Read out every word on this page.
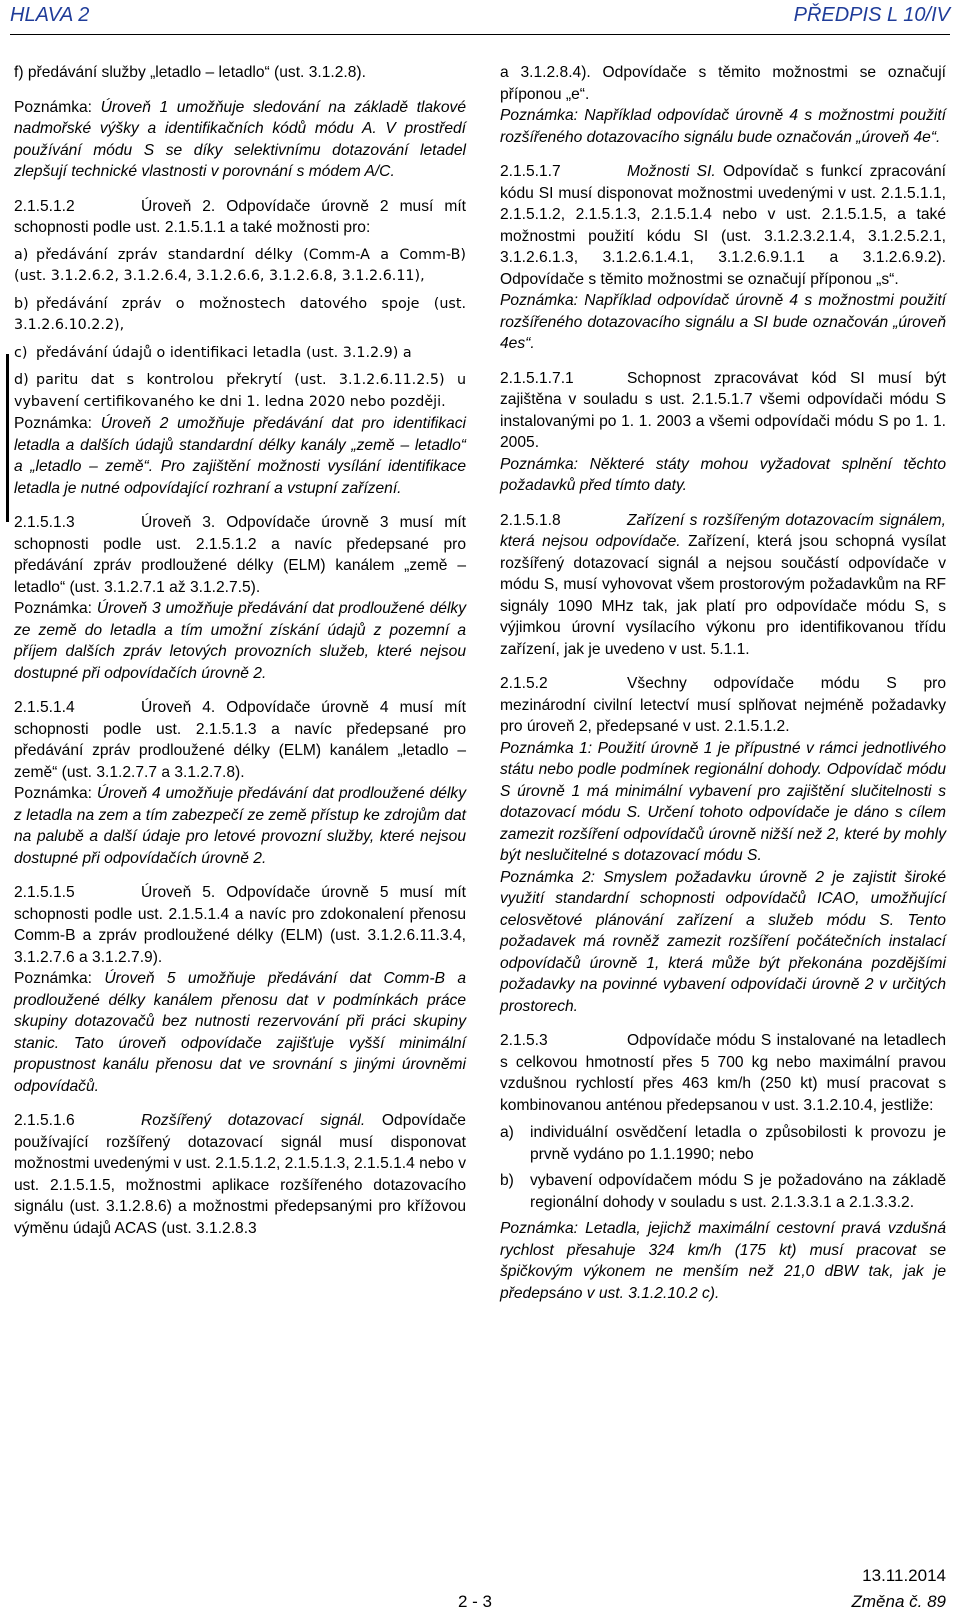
HLAVA 2	PŘEDPIS L 10/IV

f) předávání služby „letadlo – letadlo“ (ust. 3.1.2.8).

Poznámka: Úroveň 1 umožňuje sledování na základě tlakové nadmořské výšky a identifikačních kódů módu A. V prostředí používání módu S se díky selektivnímu dotazování letadel zlepšují technické vlastnosti v porovnání s módem A/C.

2.1.5.1.2	Úroveň 2. Odpovídače úrovně 2 musí mít schopnosti podle ust. 2.1.5.1.1 a také možnosti pro:

a) předávání zpráv standardní délky (Comm-A a Comm-B) (ust. 3.1.2.6.2, 3.1.2.6.4, 3.1.2.6.6, 3.1.2.6.8, 3.1.2.6.11),
b) předávání zpráv o možnostech datového spoje (ust. 3.1.2.6.10.2.2),
c) předávání údajů o identifikaci letadla (ust. 3.1.2.9) a
d) paritu dat s kontrolou překrytí (ust. 3.1.2.6.11.2.5) u vybavení certifikovaného ke dni 1. ledna 2020 nebo později.

Poznámka: Úroveň 2 umožňuje předávání dat pro identifikaci letadla a dalších údajů standardní délky kanály „země – letadlo“ a „letadlo – země“. Pro zajištění možnosti vysílání identifikace letadla je nutné odpovídající rozhraní a vstupní zařízení.

2.1.5.1.3	Úroveň 3. Odpovídače úrovně 3 musí mít schopnosti podle ust. 2.1.5.1.2 a navíc předepsané pro předávání zpráv prodloužené délky (ELM) kanálem „země – letadlo“ (ust. 3.1.2.7.1 až 3.1.2.7.5).

Poznámka: Úroveň 3 umožňuje předávání dat prodloužené délky ze země do letadla a tím umožní získání údajů z pozemní a příjem dalších zpráv letových provozních služeb, které nejsou dostupné při odpovídačích úrovně 2.

2.1.5.1.4	Úroveň 4. Odpovídače úrovně 4 musí mít schopnosti podle ust. 2.1.5.1.3 a navíc předepsané pro předávání zpráv prodloužené délky (ELM) kanálem „letadlo – země“ (ust. 3.1.2.7.7 a 3.1.2.7.8).

Poznámka: Úroveň 4 umožňuje předávání dat prodloužené délky z letadla na zem a tím zabezpečí ze země přístup ke zdrojům dat na palubě a další údaje pro letové provozní služby, které nejsou dostupné při odpovídačích úrovně 2.

2.1.5.1.5	Úroveň 5. Odpovídače úrovně 5 musí mít schopnosti podle ust. 2.1.5.1.4 a navíc pro zdokonalení přenosu Comm-B a zpráv prodloužené délky (ELM) (ust. 3.1.2.6.11.3.4, 3.1.2.7.6 a 3.1.2.7.9).

Poznámka: Úroveň 5 umožňuje předávání dat Comm-B a prodloužené délky kanálem přenosu dat v podmínkách práce skupiny dotazovačů bez nutnosti rezervování při práci skupiny stanic. Tato úroveň odpovídače zajišťuje vyšší minimální propustnost kanálu přenosu dat ve srovnání s jinými úrovněmi odpovídačů.

2.1.5.1.6	Rozšířený dotazovací signál. Odpovídače používající rozšířený dotazovací signál musí disponovat možnostmi uvedenými v ust. 2.1.5.1.2, 2.1.5.1.3, 2.1.5.1.4 nebo v ust. 2.1.5.1.5, možnostmi aplikace rozšířeného dotazovacího signálu (ust. 3.1.2.8.6) a možnostmi předepsanými pro křížovou výměnu údajů ACAS (ust. 3.1.2.8.3

a 3.1.2.8.4). Odpovídače s těmito možnostmi se označují příponou „e“.

Poznámka: Například odpovídač úrovně 4 s možnostmi použití rozšířeného dotazovacího signálu bude označován „úroveň 4e“.

2.1.5.1.7	Možnosti SI. Odpovídač s funkcí zpracování kódu SI musí disponovat možnostmi uvedenými v ust. 2.1.5.1.1, 2.1.5.1.2, 2.1.5.1.3, 2.1.5.1.4 nebo v ust. 2.1.5.1.5, a také možnostmi použití kódu SI (ust. 3.1.2.3.2.1.4, 3.1.2.5.2.1, 3.1.2.6.1.3, 3.1.2.6.1.4.1, 3.1.2.6.9.1.1 a 3.1.2.6.9.2). Odpovídače s těmito možnostmi se označují příponou „s“.

Poznámka: Například odpovídač úrovně 4 s možnostmi použití rozšířeného dotazovacího signálu a SI bude označován „úroveň 4es“.

2.1.5.1.7.1	Schopnost zpracovávat kód SI musí být zajištěna v souladu s ust. 2.1.5.1.7 všemi odpovídači módu S instalovanými po 1. 1. 2003 a všemi odpovídači módu S po 1. 1. 2005.

Poznámka: Některé státy mohou vyžadovat splnění těchto požadavků před tímto daty.

2.1.5.1.8	Zařízení s rozšířeným dotazovacím signálem, která nejsou odpovídače. Zařízení, která jsou schopná vysílat rozšířený dotazovací signál a nejsou součástí odpovídače v módu S, musí vyhovovat všem prostorovým požadavkům na RF signály 1090 MHz tak, jak platí pro odpovídače módu S, s výjimkou úrovní vysílacího výkonu pro identifikovanou třídu zařízení, jak je uvedeno v ust. 5.1.1.

2.1.5.2	Všechny odpovídače módu S pro mezinárodní civilní letectví musí splňovat nejméně požadavky pro úroveň 2, předepsané v ust. 2.1.5.1.2.

Poznámka 1: Použití úrovně 1 je přípustné v rámci jednotlivého státu nebo podle podmínek regionální dohody. Odpovídač módu S úrovně 1 má minimální vybavení pro zajištění slučitelnosti s dotazovací módu S. Určení tohoto odpovídače je dáno s cílem zamezit rozšíření odpovídačů úrovně nižší než 2, které by mohly být neslučitelné s dotazovací módu S.

Poznámka 2: Smyslem požadavku úrovně 2 je zajistit široké využití standardní schopnosti odpovídačů ICAO, umožňující celosvětové plánování zařízení a služeb módu S. Tento požadavek má rovněž zamezit rozšíření počátečních instalací odpovídačů úrovně 1, která může být překonána pozdějšími požadavky na povinné vybavení odpovídači úrovně 2 v určitých prostorech.

2.1.5.3	Odpovídače módu S instalované na letadlech s celkovou hmotností přes 5 700 kg nebo maximální pravou vzdušnou rychlostí přes 463 km/h (250 kt) musí pracovat s kombinovanou anténou předepsanou v ust. 3.1.2.10.4, jestliže:

a) individuální osvědčení letadla o způsobilosti k provozu je prvně vydáno po 1.1.1990; nebo
b) vybavení odpovídačem módu S je požadováno na základě regionální dohody v souladu s ust. 2.1.3.3.1 a 2.1.3.3.2.

Poznámka: Letadla, jejichž maximální cestovní pravá vzdušná rychlost přesahuje 324 km/h (175 kt) musí pracovat se špičkovým výkonem ne menším než 21,0 dBW tak, jak je předepsáno v ust. 3.1.2.10.2 c).

2 - 3
13.11.2014
Změna č. 89
